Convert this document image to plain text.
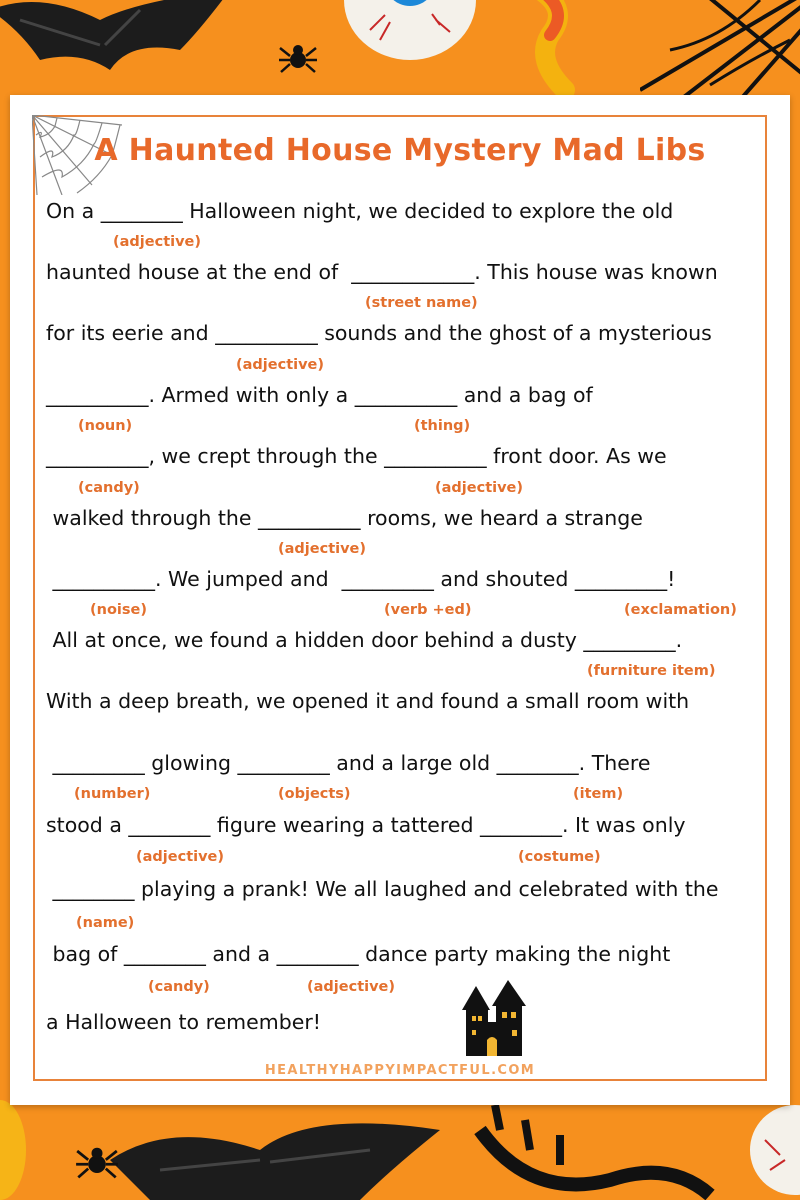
A Haunted House Mystery Mad Libs
On a ________ Halloween night, we decided to explore the old
(adjective)
haunted house at the end of  ____________. This house was known
(street name)
for its eerie and __________ sounds and the ghost of a mysterious
(adjective)
__________. Armed with only a __________ and a bag of
(noun)	(thing)
__________, we crept through the __________ front door. As we
(candy)	(adjective)
walked through the __________ rooms, we heard a strange
(adjective)
__________. We jumped and  _________ and shouted _________!
(noise)	(verb +ed)	(exclamation)
All at once, we found a hidden door behind a dusty _________.
(furniture item)
With a deep breath, we opened it and found a small room with
_________ glowing _________ and a large old ________. There
(number)	(objects)	(item)
stood a ________ figure wearing a tattered ________. It was only
(adjective)	(costume)
________ playing a prank! We all laughed and celebrated with the
(name)
bag of ________ and a ________ dance party making the night
(candy)	(adjective)
a Halloween to remember!
HEALTHYHAPPYIMPACTFUL.COM
